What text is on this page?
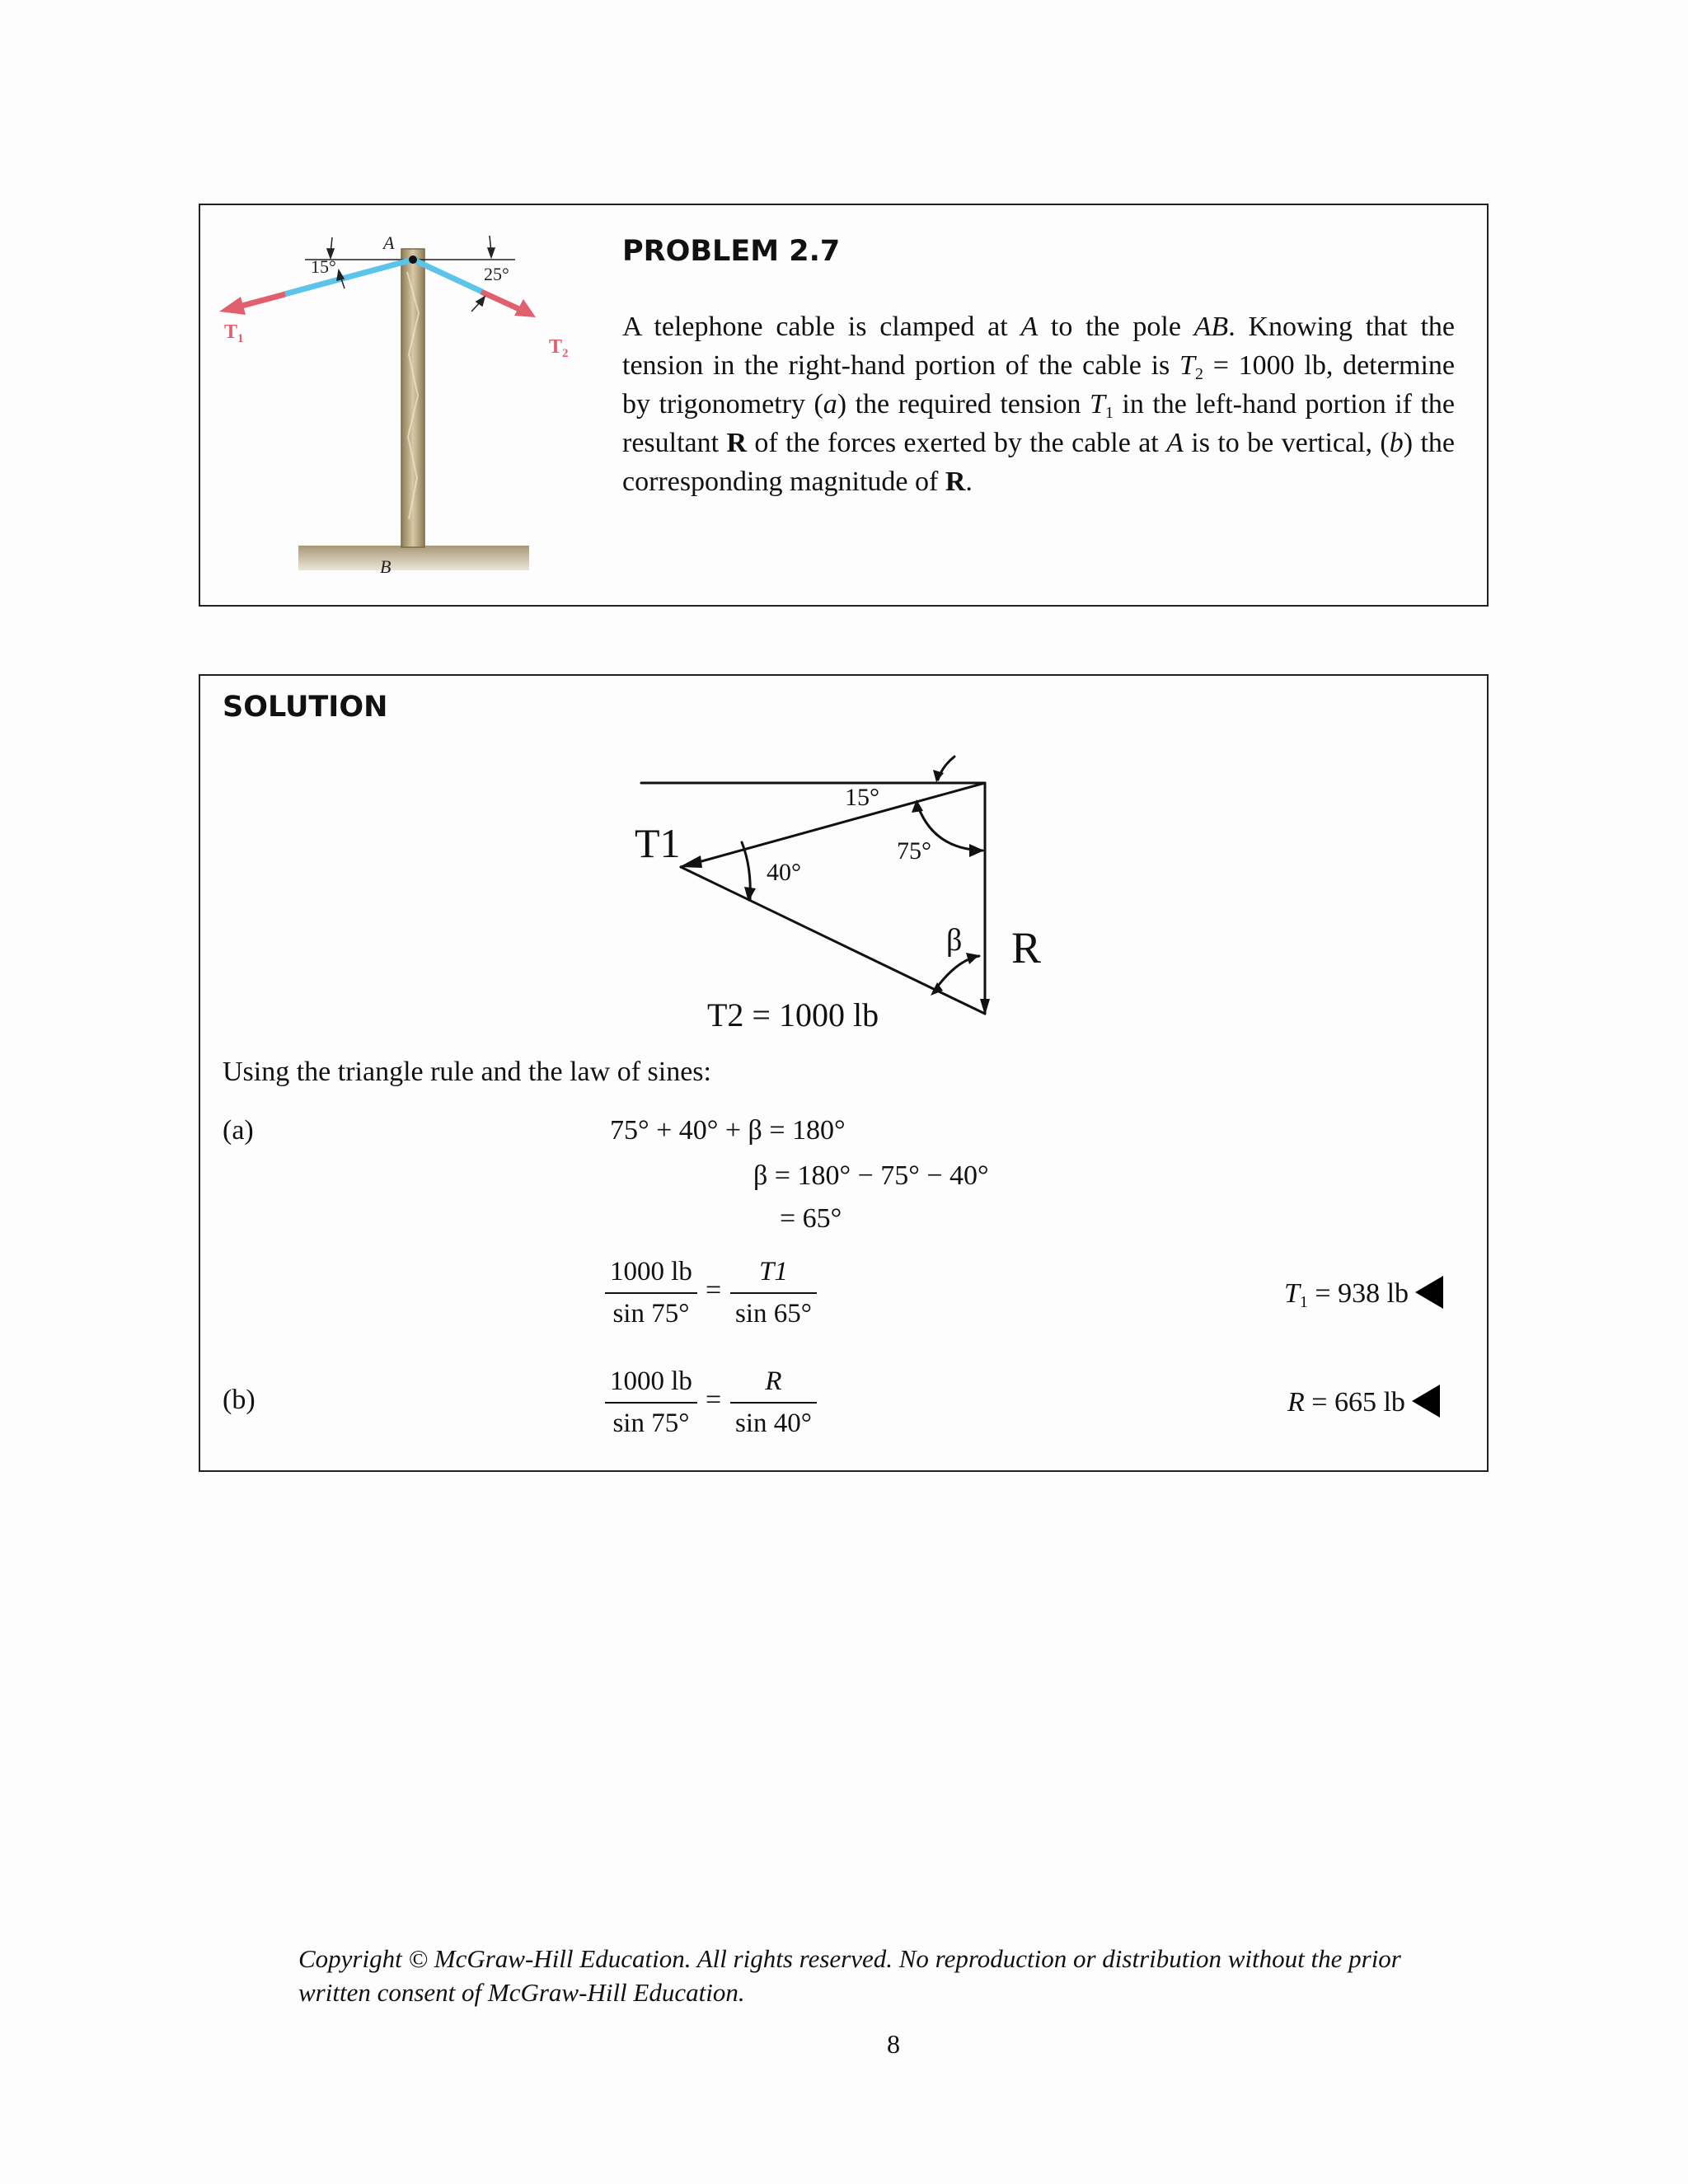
A
B
15°	25°
$T_1$	$T_2$
PROBLEM 2.7
A telephone cable is clamped at A to the pole AB. Knowing that the tension in the right-hand portion of the cable is $T_2 = 1000$ lb, determine by trigonometry (a) the required tension $T_1$ in the left-hand portion if the resultant R of the forces exerted by the cable at A is to be vertical, (b) the corresponding magnitude of R.
SOLUTION
T1
15°
75°
40°
β R
T2 = 1000 lb
Using the triangle rule and the law of sines:
(a)	75° + 40° + β = 180°
β = 180° − 75° − 40°
= 65°
$\frac{1000 lb}{\sin 75^\circ} = \frac{T1}{\sin 65^\circ}$	$T_1 = 938$ lb
(b)	$\frac{1000 lb}{\sin 75^\circ} = \frac{R}{\sin 40^\circ}$	R = 665 lb
Copyright © McGraw-Hill Education. All rights reserved. No reproduction or distribution without the prior written consent of McGraw-Hill Education.
8
